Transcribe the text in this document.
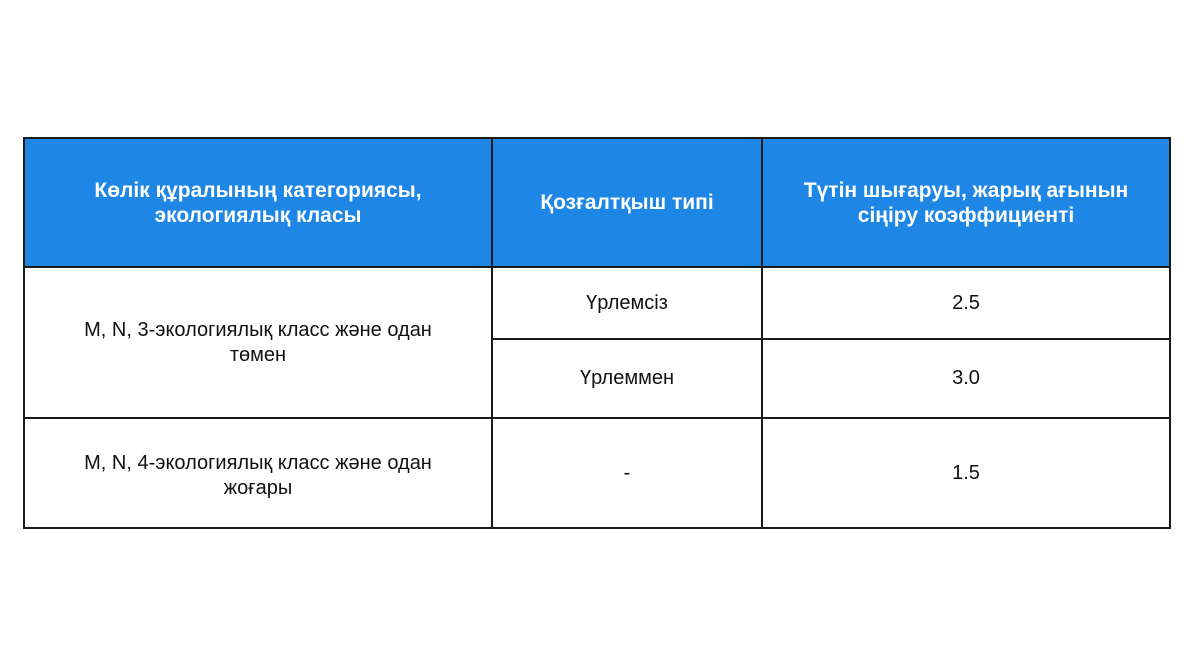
Көлік құралының категориясы, экологиялық класы	Қозғалтқыш типі	Түтін шығаруы, жарық ағынын сіңіру коэффициенті
M, N, 3-экологиялық класс және одан төмен	Үрлемсіз	2.5
	Үрлеммен	3.0
M, N, 4-экологиялық класс және одан жоғары	-	1.5
